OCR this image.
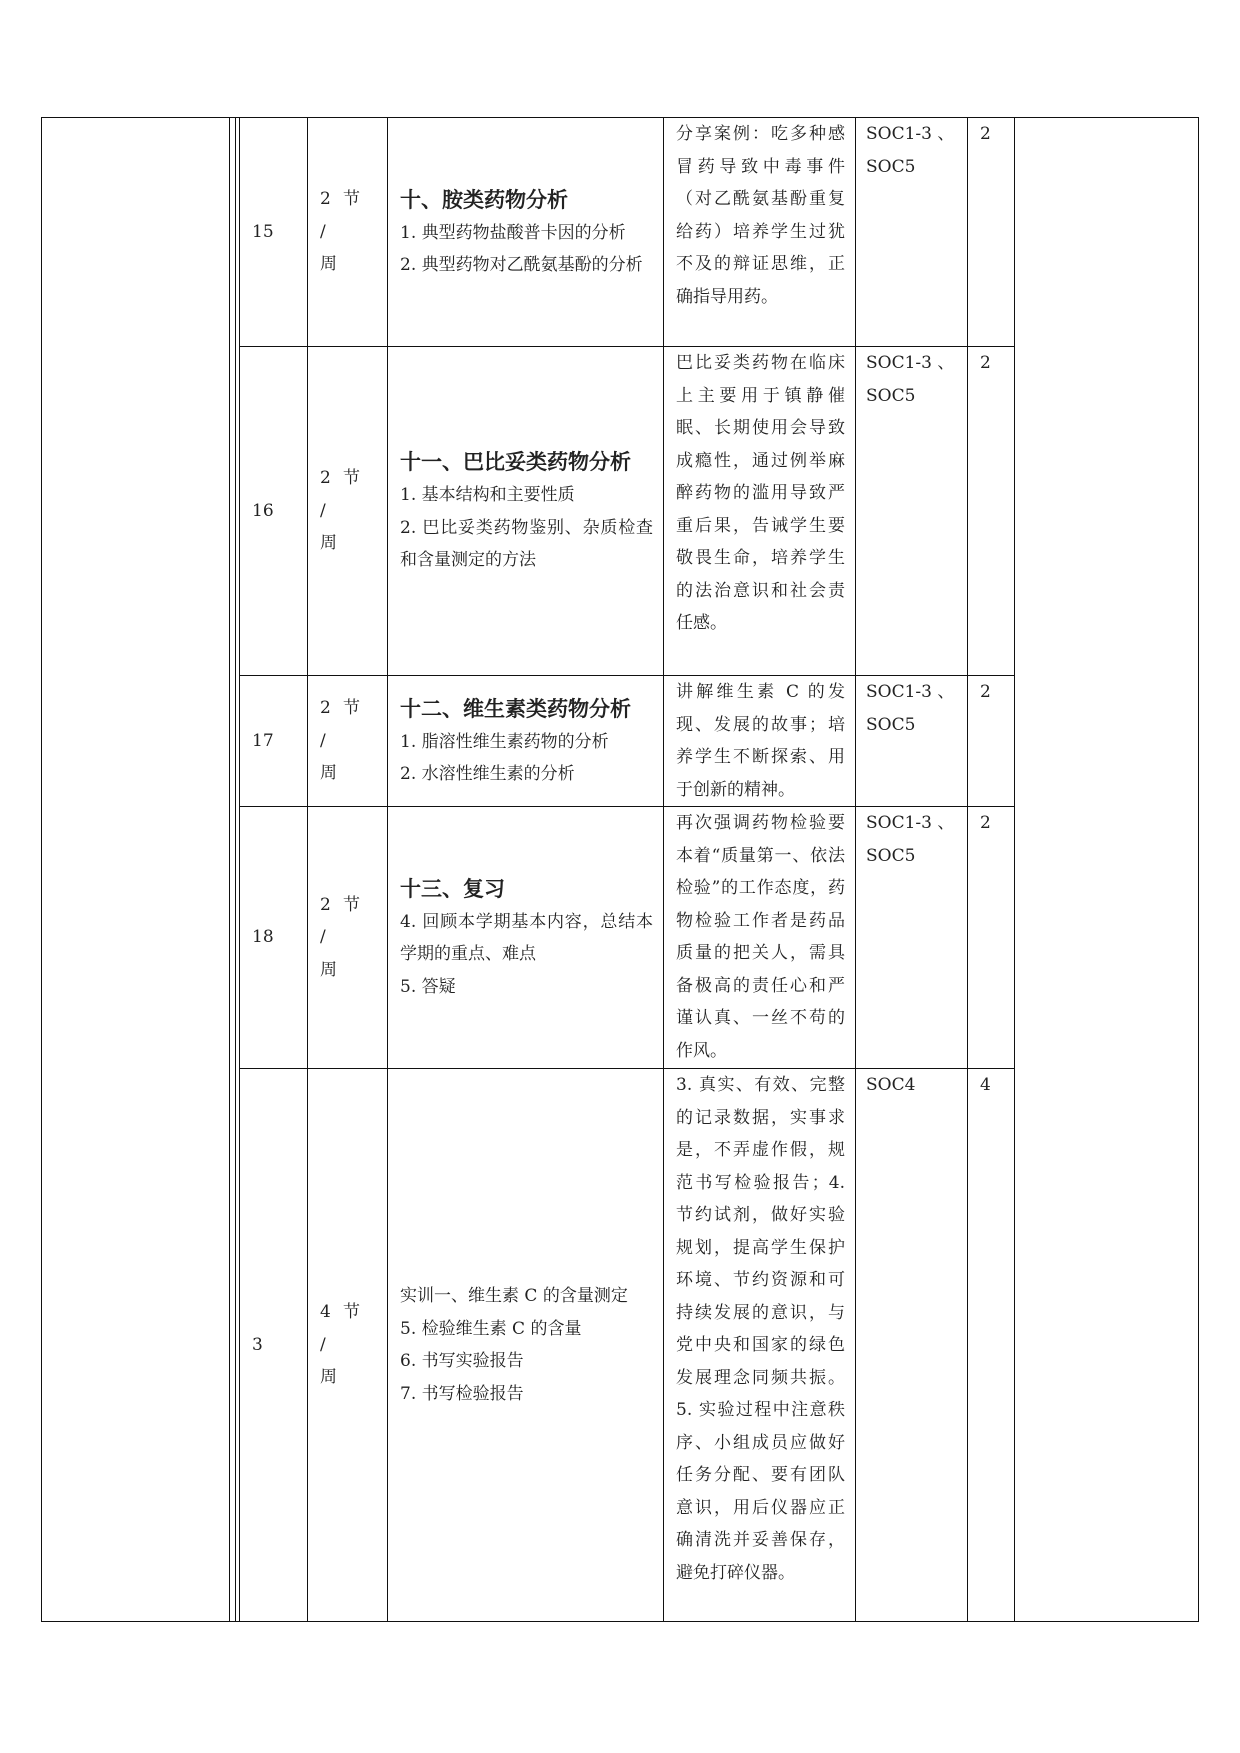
15	2 节 /
周	十、胺类药物分析
1. 典型药物盐酸普卡因的分析
2. 典型药物对乙酰氨基酚的分析	分享案例：吃多种感冒药导致中毒事件（对乙酰氨基酚重复给药）培养学生过犹不及的辩证思维，正确指导用药。	SOC1-3 、SOC5	2
16	2 节 /
周	十一、巴比妥类药物分析
1. 基本结构和主要性质
2. 巴比妥类药物鉴别、杂质检查和含量测定的方法	巴比妥类药物在临床上主要用于镇静催眠、长期使用会导致成瘾性，通过例举麻醉药物的滥用导致严重后果，告诫学生要敬畏生命，培养学生的法治意识和社会责任感。	SOC1-3 、SOC5	2
17	2 节 /
周	十二、维生素类药物分析
1. 脂溶性维生素药物的分析
2. 水溶性维生素的分析	讲解维生素 C 的发现、发展的故事；培养学生不断探索、用于创新的精神。	SOC1-3 、SOC5	2
18	2 节 /
周	十三、复习
4. 回顾本学期基本内容，总结本学期的重点、难点
5. 答疑	再次强调药物检验要本着“质量第一、依法检验”的工作态度，药物检验工作者是药品质量的把关人，需具备极高的责任心和严谨认真、一丝不苟的作风。	SOC1-3 、SOC5	2
3	4 节 /
周	实训一、维生素 C 的含量测定
5. 检验维生素 C 的含量
6. 书写实验报告
7. 书写检验报告	3. 真实、有效、完整的记录数据，实事求是，不弄虚作假，规范书写检验报告；4. 节约试剂，做好实验规划，提高学生保护环境、节约资源和可持续发展的意识，与党中央和国家的绿色发展理念同频共振。5. 实验过程中注意秩序、小组成员应做好任务分配、要有团队意识，用后仪器应正确清洗并妥善保存，避免打碎仪器。	SOC4	4
